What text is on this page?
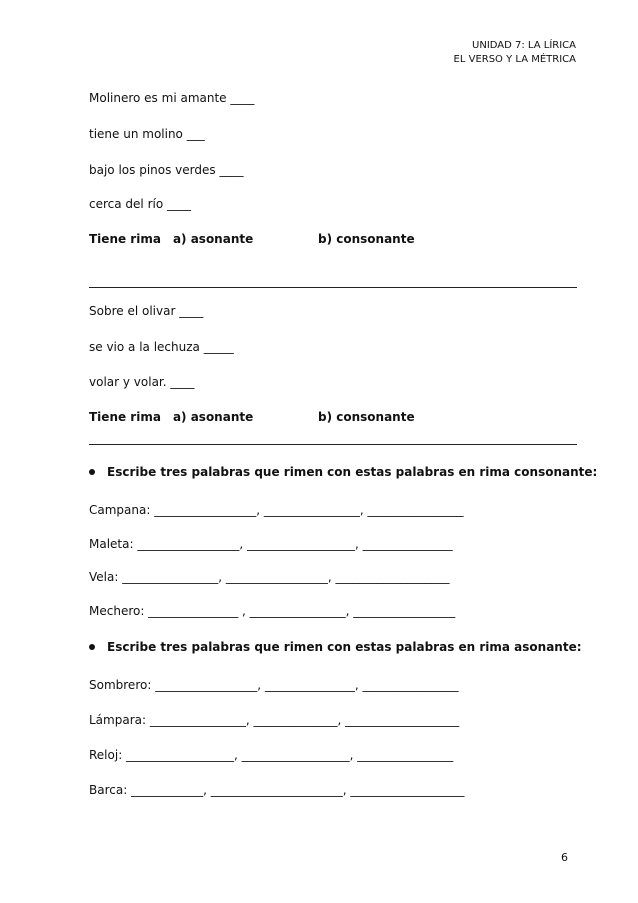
UNIDAD 7: LA LÍRICA
EL VERSO Y LA MÉTRICA
Molinero es mi amante ____
tiene un molino ___
bajo los pinos verdes ____
cerca del río ____
Tiene rima a) asonante	b) consonante
Sobre el olivar ____
se vio a la lechuza _____
volar y volar. ____
Tiene rima a) asonante	b) consonante
Escribe tres palabras que rimen con estas palabras en rima consonante:
Campana: _________________, ________________, ________________
Maleta: _________________, __________________, _______________
Vela: ________________, _________________, ___________________
Mechero: _______________ , ________________, _________________
Escribe tres palabras que rimen con estas palabras en rima asonante:
Sombrero: _________________, _______________, ________________
Lámpara: ________________, ______________, ___________________
Reloj: __________________, __________________, ________________
Barca: ____________, ______________________, ___________________
6
